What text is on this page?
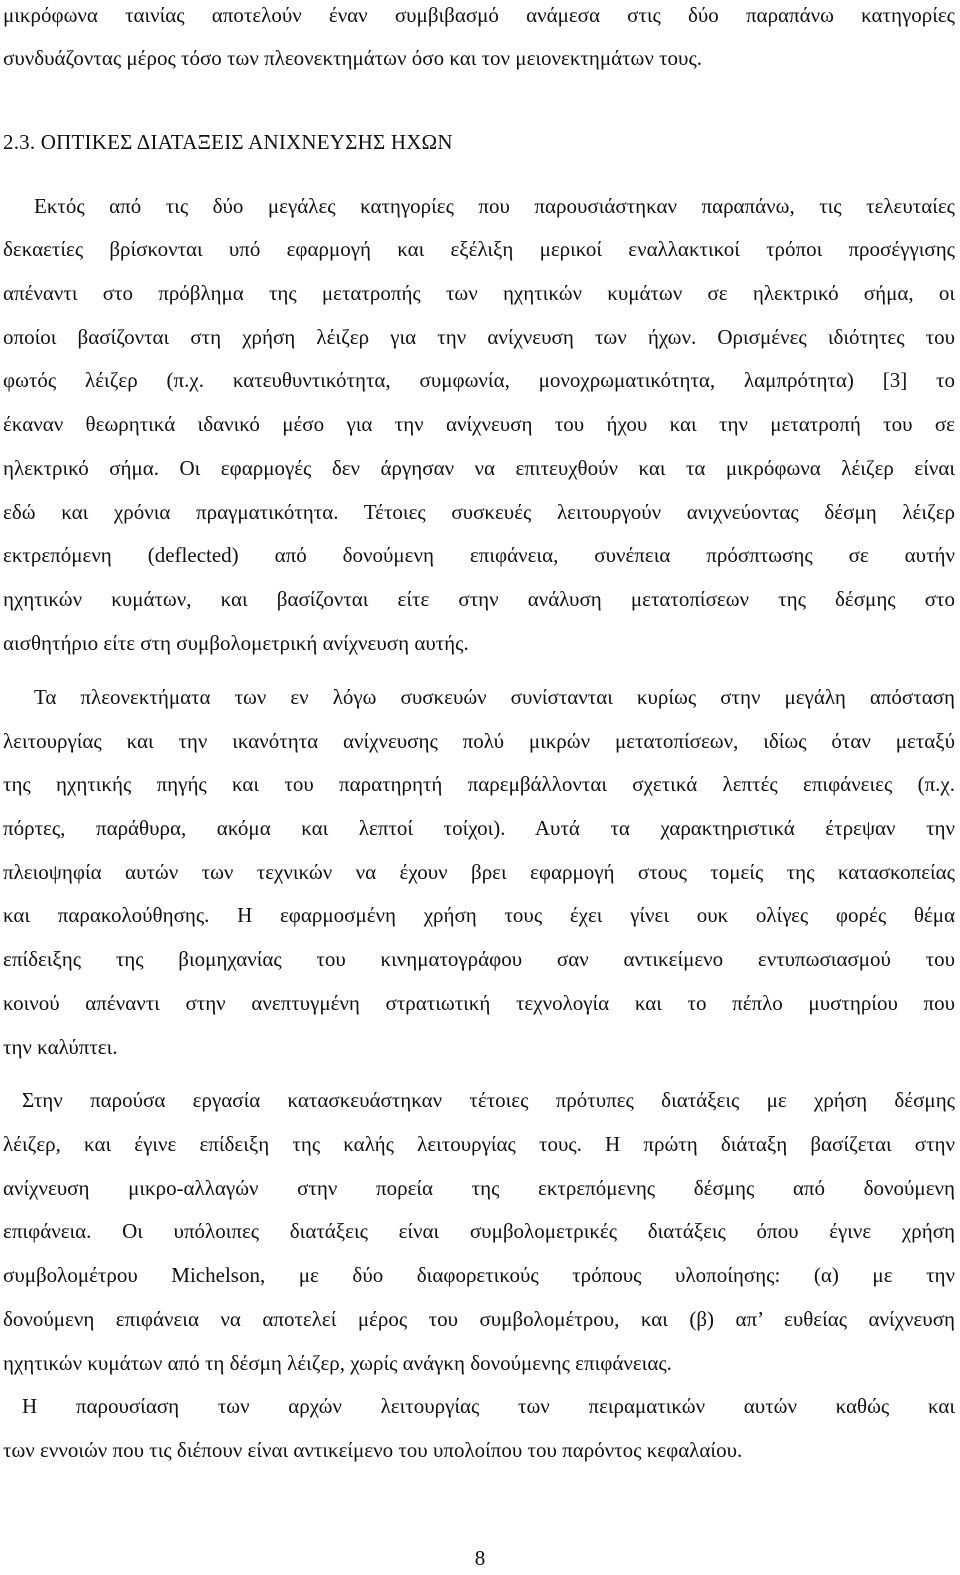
μικρόφωνα ταινίας αποτελούν έναν συμβιβασμό ανάμεσα στις δύο παραπάνω κατηγορίες
συνδυάζοντας μέρος τόσο των πλεονεκτημάτων όσο και τον μειονεκτημάτων τους.
2.3. ΟΠΤΙΚΕΣ ΔΙΑΤΑΞΕΙΣ ΑΝΙΧΝΕΥΣΗΣ ΗΧΩΝ
Εκτός από τις δύο μεγάλες κατηγορίες που παρουσιάστηκαν παραπάνω, τις τελευταίες
δεκαετίες βρίσκονται υπό εφαρμογή και εξέλιξη μερικοί εναλλακτικοί τρόποι προσέγγισης
απέναντι στο πρόβλημα της μετατροπής των ηχητικών κυμάτων σε ηλεκτρικό σήμα, οι
οποίοι βασίζονται στη χρήση λέιζερ για την ανίχνευση των ήχων. Ορισμένες ιδιότητες του
φωτός λέιζερ (π.χ. κατευθυντικότητα, συμφωνία, μονοχρωματικότητα, λαμπρότητα) [3] το
έκαναν θεωρητικά ιδανικό μέσο για την ανίχνευση του ήχου και την μετατροπή του σε
ηλεκτρικό σήμα. Οι εφαρμογές δεν άργησαν να επιτευχθούν και τα μικρόφωνα λέιζερ είναι
εδώ και χρόνια πραγματικότητα. Τέτοιες συσκευές λειτουργούν ανιχνεύοντας δέσμη λέιζερ
εκτρεπόμενη (deflected) από δονούμενη επιφάνεια, συνέπεια πρόσπτωσης σε αυτήν
ηχητικών κυμάτων, και βασίζονται είτε στην ανάλυση μετατοπίσεων της δέσμης στο
αισθητήριο είτε στη συμβολομετρική ανίχνευση αυτής.
Τα πλεονεκτήματα των εν λόγω συσκευών συνίστανται κυρίως στην μεγάλη απόσταση
λειτουργίας και την ικανότητα ανίχνευσης πολύ μικρών μετατοπίσεων, ιδίως όταν μεταξύ
της ηχητικής πηγής και του παρατηρητή παρεμβάλλονται σχετικά λεπτές επιφάνειες (π.χ.
πόρτες, παράθυρα, ακόμα και λεπτοί τοίχοι). Αυτά τα χαρακτηριστικά έτρεψαν την
πλειοψηφία αυτών των τεχνικών να έχουν βρει εφαρμογή στους τομείς της κατασκοπείας
και παρακολούθησης. Η εφαρμοσμένη χρήση τους έχει γίνει ουκ ολίγες φορές θέμα
επίδειξης της βιομηχανίας του κινηματογράφου σαν αντικείμενο εντυπωσιασμού του
κοινού απέναντι στην ανεπτυγμένη στρατιωτική τεχνολογία και το πέπλο μυστηρίου που
την καλύπτει.
Στην παρούσα εργασία κατασκευάστηκαν τέτοιες πρότυπες διατάξεις με χρήση δέσμης
λέιζερ, και έγινε επίδειξη της καλής λειτουργίας τους. Η πρώτη διάταξη βασίζεται στην
ανίχνευση μικρο-αλλαγών στην πορεία της εκτρεπόμενης δέσμης από δονούμενη
επιφάνεια. Οι υπόλοιπες διατάξεις είναι συμβολομετρικές διατάξεις όπου έγινε χρήση
συμβολομέτρου Michelson, με δύο διαφορετικούς τρόπους υλοποίησης: (α) με την
δονούμενη επιφάνεια να αποτελεί μέρος του συμβολομέτρου, και (β) απ’ ευθείας ανίχνευση
ηχητικών κυμάτων από τη δέσμη λέιζερ, χωρίς ανάγκη δονούμενης επιφάνειας.
Η παρουσίαση των αρχών λειτουργίας των πειραματικών αυτών καθώς και
των εννοιών που τις διέπουν είναι αντικείμενο του υπολοίπου του παρόντος κεφαλαίου.
8
